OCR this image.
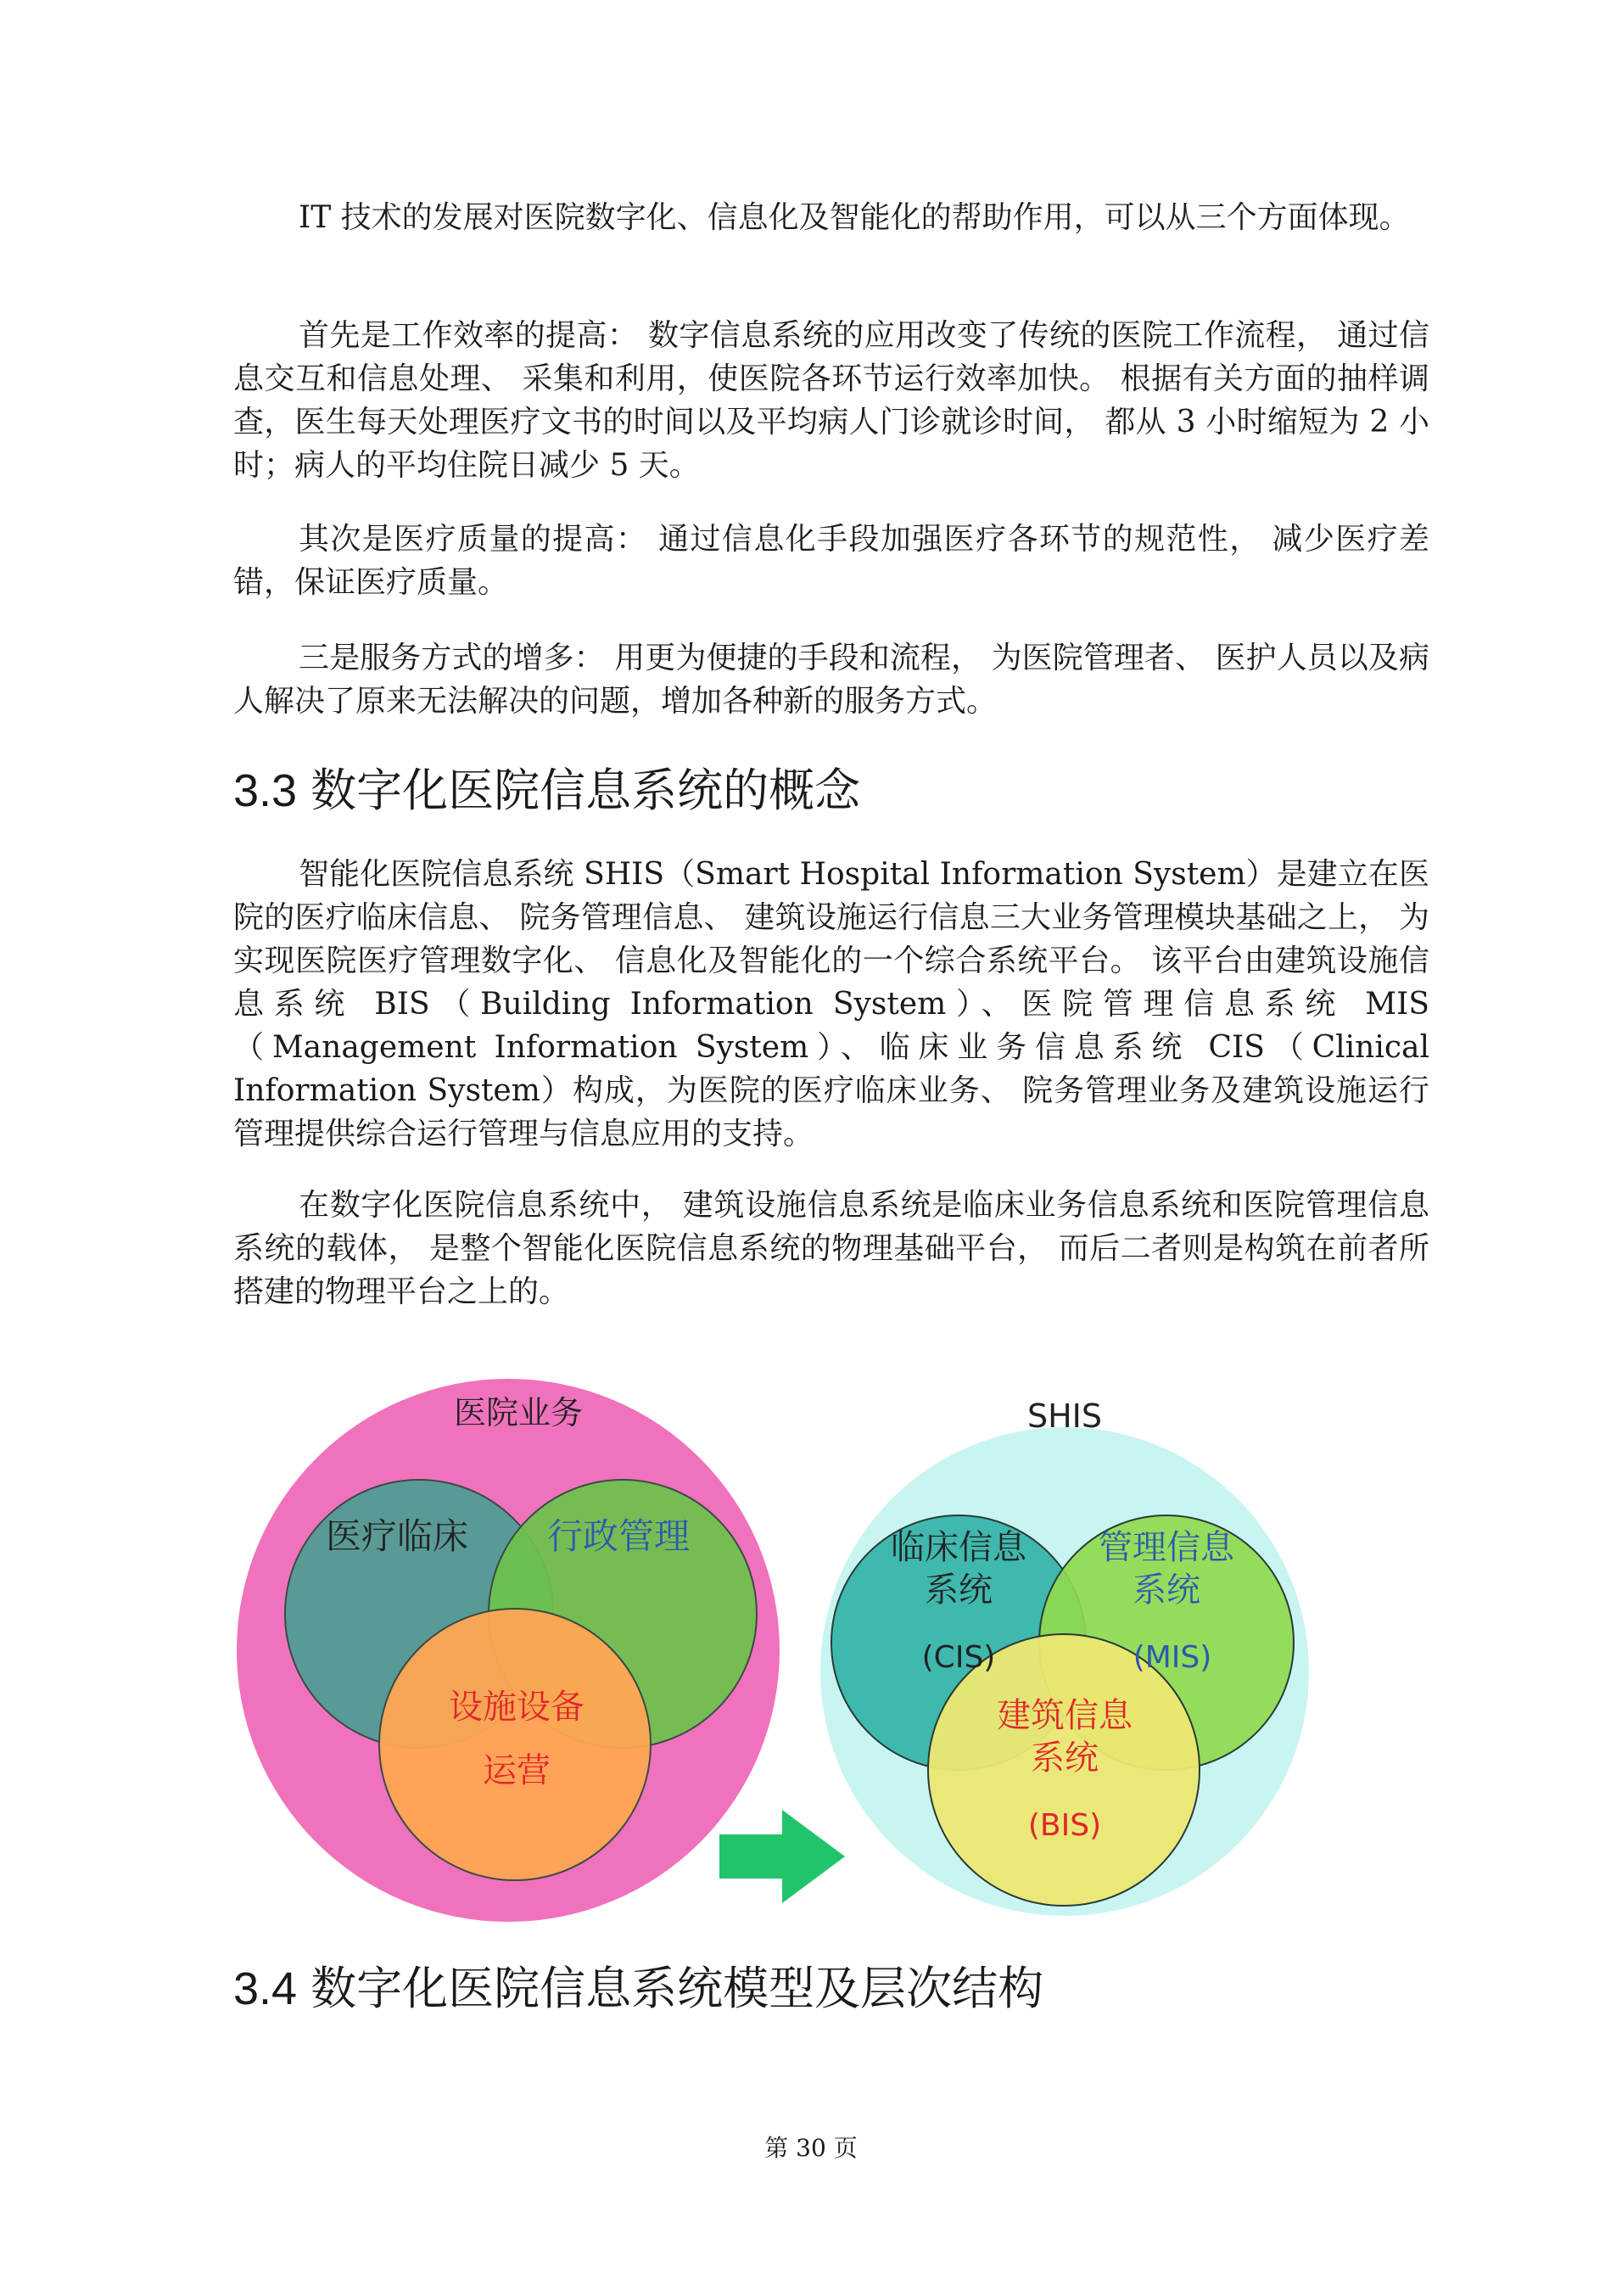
IT 技术的发展对医院数字化、信息化及智能化的帮助作用，可以从三个方面体现。

首先是工作效率的提高： 数字信息系统的应用改变了传统的医院工作流程， 通过信息交互和信息处理、 采集和利用，使医院各环节运行效率加快。 根据有关方面的抽样调查，医生每天处理医疗文书的时间以及平均病人门诊就诊时间， 都从 3 小时缩短为 2 小时；病人的平均住院日减少 5 天。

其次是医疗质量的提高： 通过信息化手段加强医疗各环节的规范性， 减少医疗差错，保证医疗质量。

三是服务方式的增多： 用更为便捷的手段和流程， 为医院管理者、 医护人员以及病人解决了原来无法解决的问题，增加各种新的服务方式。

3.3 数字化医院信息系统的概念

智能化医院信息系统 SHIS（Smart Hospital Information System）是建立在医院的医疗临床信息、 院务管理信息、 建筑设施运行信息三大业务管理模块基础之上， 为实现医院医疗管理数字化、 信息化及智能化的一个综合系统平台。 该平台由建筑设施信息系统 BIS（Building Information System）、医院管理信息系统 MIS（Management Information System）、临床业务信息系统 CIS（Clinical Information System）构成，为医院的医疗临床业务、 院务管理业务及建筑设施运行管理提供综合运行管理与信息应用的支持。

在数字化医院信息系统中， 建筑设施信息系统是临床业务信息系统和医院管理信息系统的载体， 是整个智能化医院信息系统的物理基础平台， 而后二者则是构筑在前者所搭建的物理平台之上的。

医院业务
医疗临床 行政管理
设施设备
运营
SHIS
临床信息
系统
(CIS)
管理信息
系统
(MIS)
建筑信息
系统
(BIS)
3.4 数字化医院信息系统模型及层次结构
第 30 页
